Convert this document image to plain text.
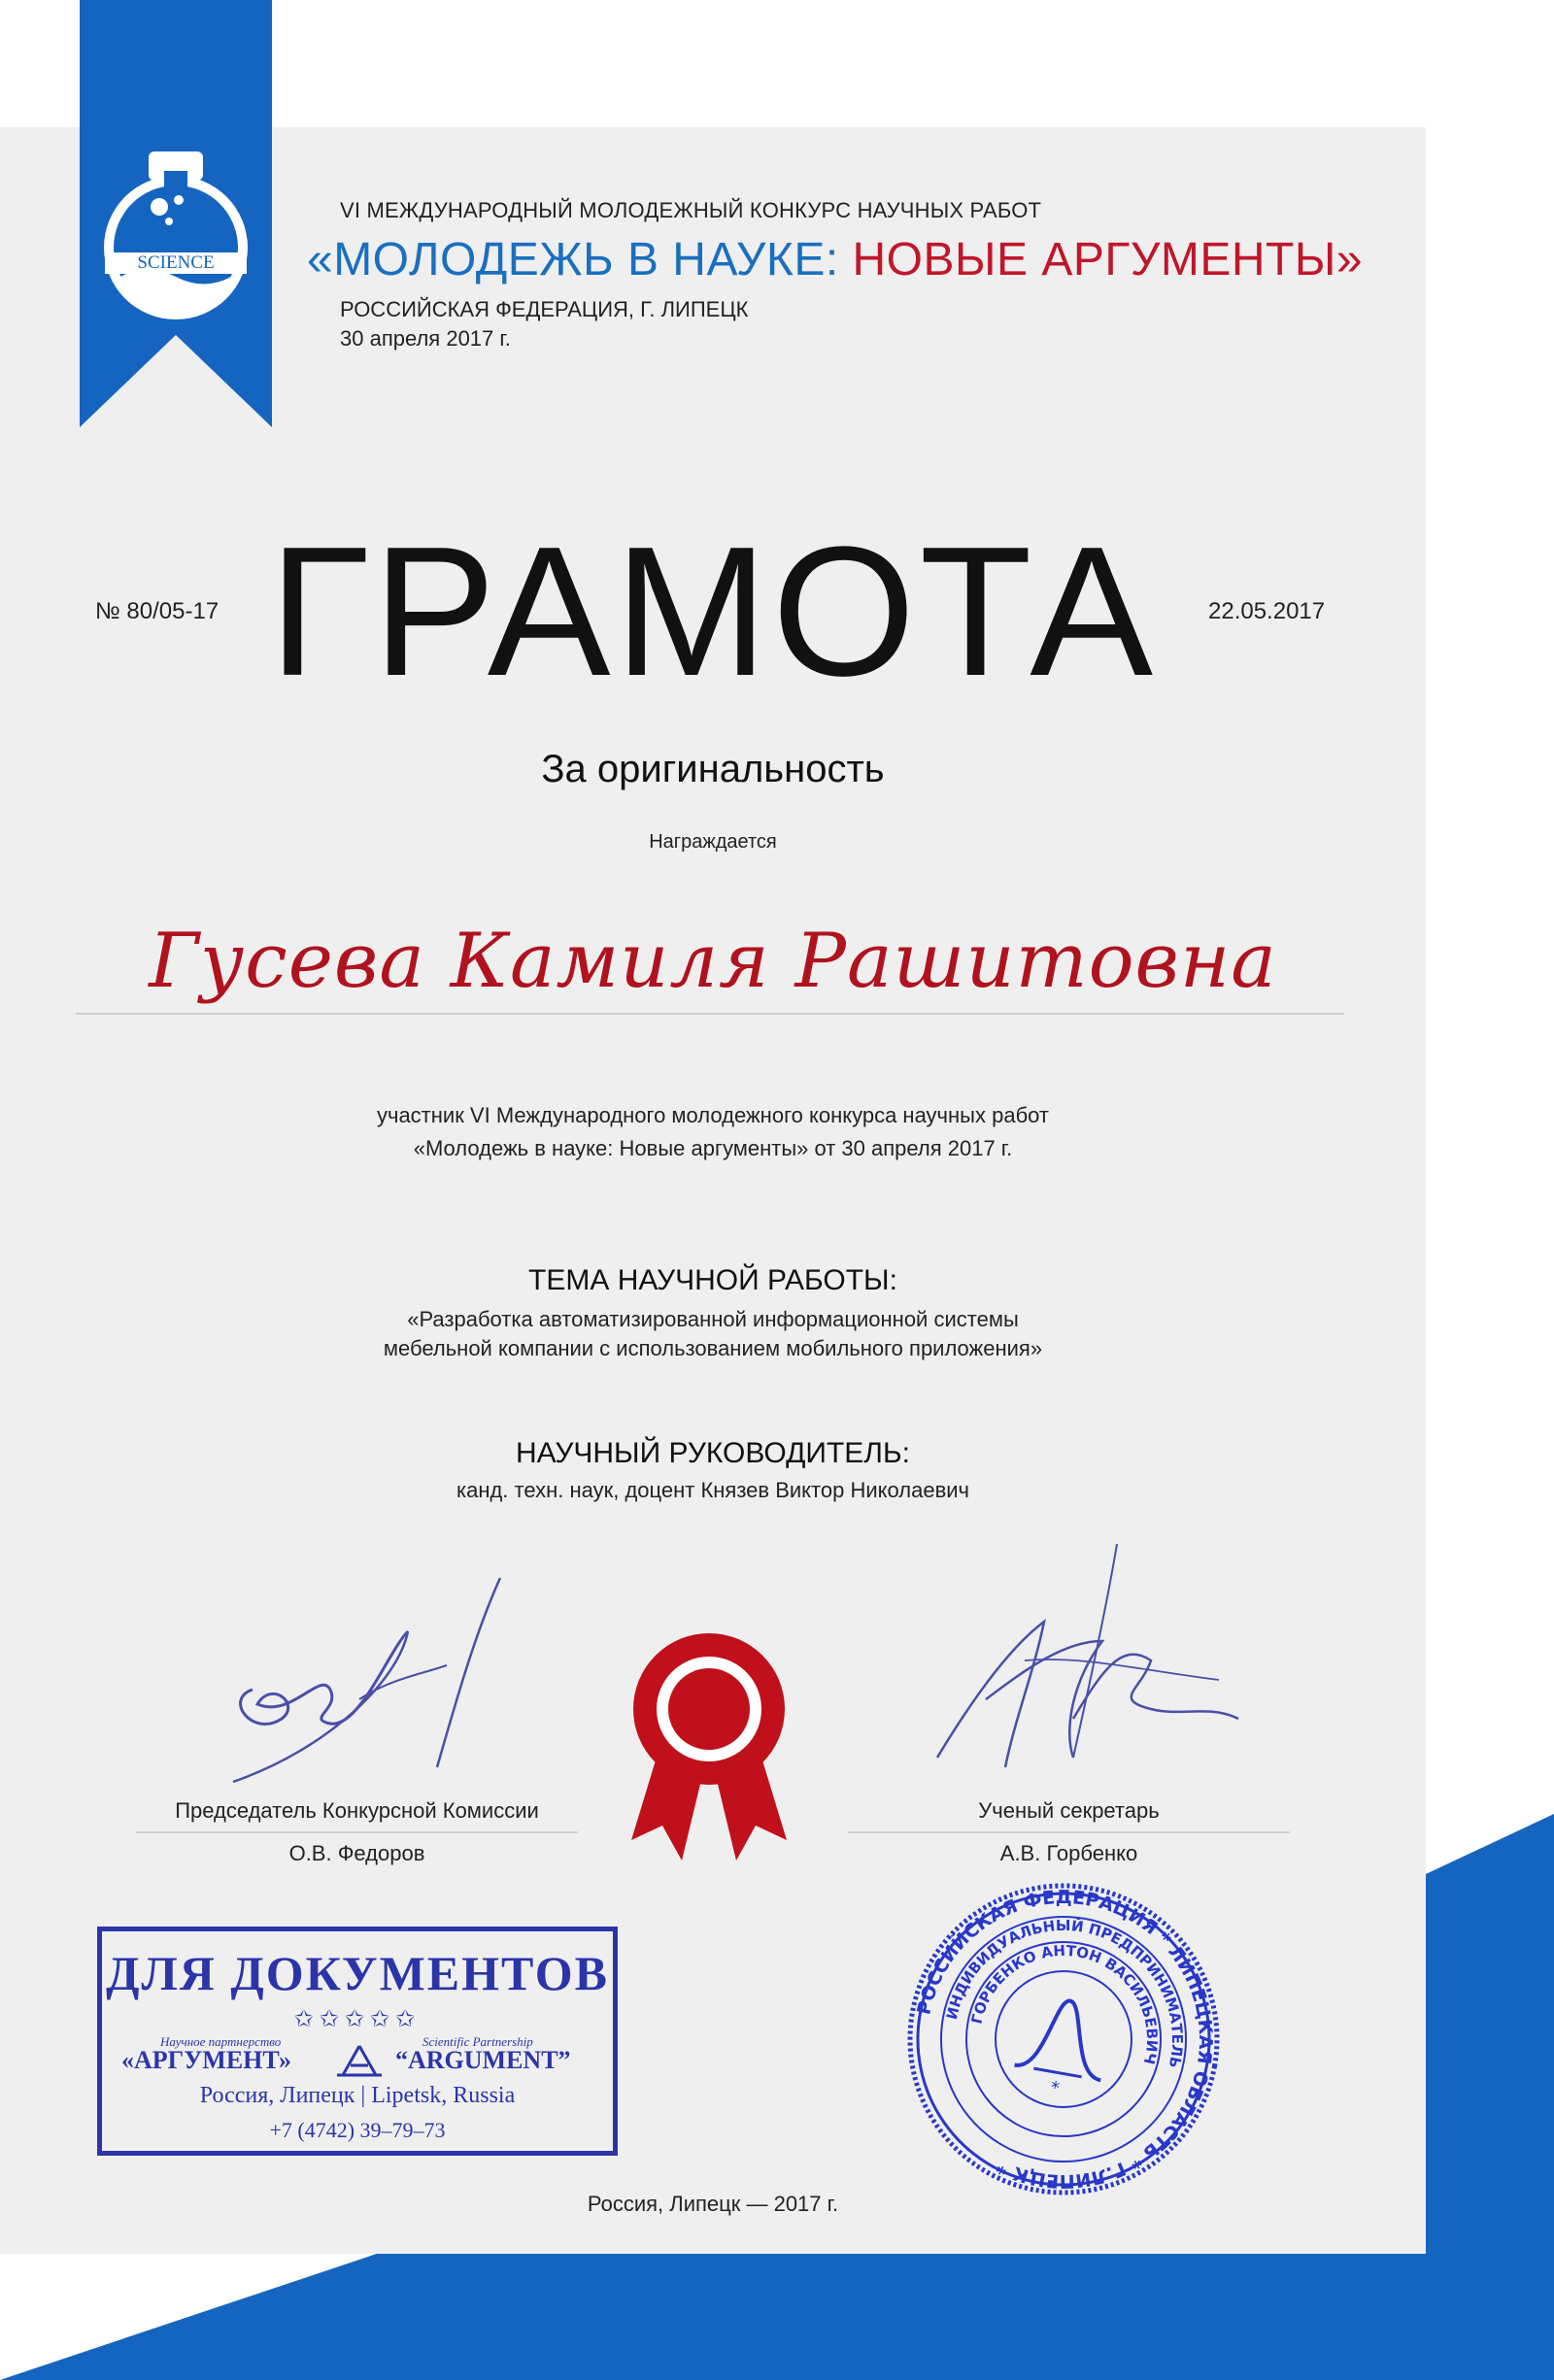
SCIENCE
VI МЕЖДУНАРОДНЫЙ МОЛОДЕЖНЫЙ КОНКУРС НАУЧНЫХ РАБОТ
«МОЛОДЕЖЬ В НАУКЕ: НОВЫЕ АРГУМЕНТЫ»
РОССИЙСКАЯ ФЕДЕРАЦИЯ, Г. ЛИПЕЦК
30 апреля 2017 г.
№ 80/05-17	22.05.2017
ГРАМОТА
За оригинальность
Награждается
Гусева Камиля Рашитовна
участник VI Международного молодежного конкурса научных работ
«Молодежь в науке: Новые аргументы» от 30 апреля 2017 г.
ТЕМА НАУЧНОЙ РАБОТЫ:
«Разработка автоматизированной информационной системы
мебельной компании с использованием мобильного приложения»
НАУЧНЫЙ РУКОВОДИТЕЛЬ:
канд. техн. наук, доцент Князев Виктор Николаевич
Председатель Конкурсной Комиссии
О.В. Федоров
Ученый секретарь
А.В. Горбенко
ДЛЯ ДОКУМЕНТОВ
✩✩✩✩✩
Научное партнерство	Scientific Partnership
«АРГУМЕНТ»	“ARGUMENT”
Россия, Липецк | Lipetsk, Russia
+7 (4742) 39–79–73
РОССИЙСКАЯ ФЕДЕРАЦИЯ * ЛИПЕЦКАЯ ОБЛАСТЬ * Г.ЛИПЕЦК *
ИНДИВИДУАЛЬНЫЙ ПРЕДПРИНИМАТЕЛЬ
ГОРБЕНКО АНТОН ВАСИЛЬЕВИЧ
*
Россия, Липецк — 2017 г.
